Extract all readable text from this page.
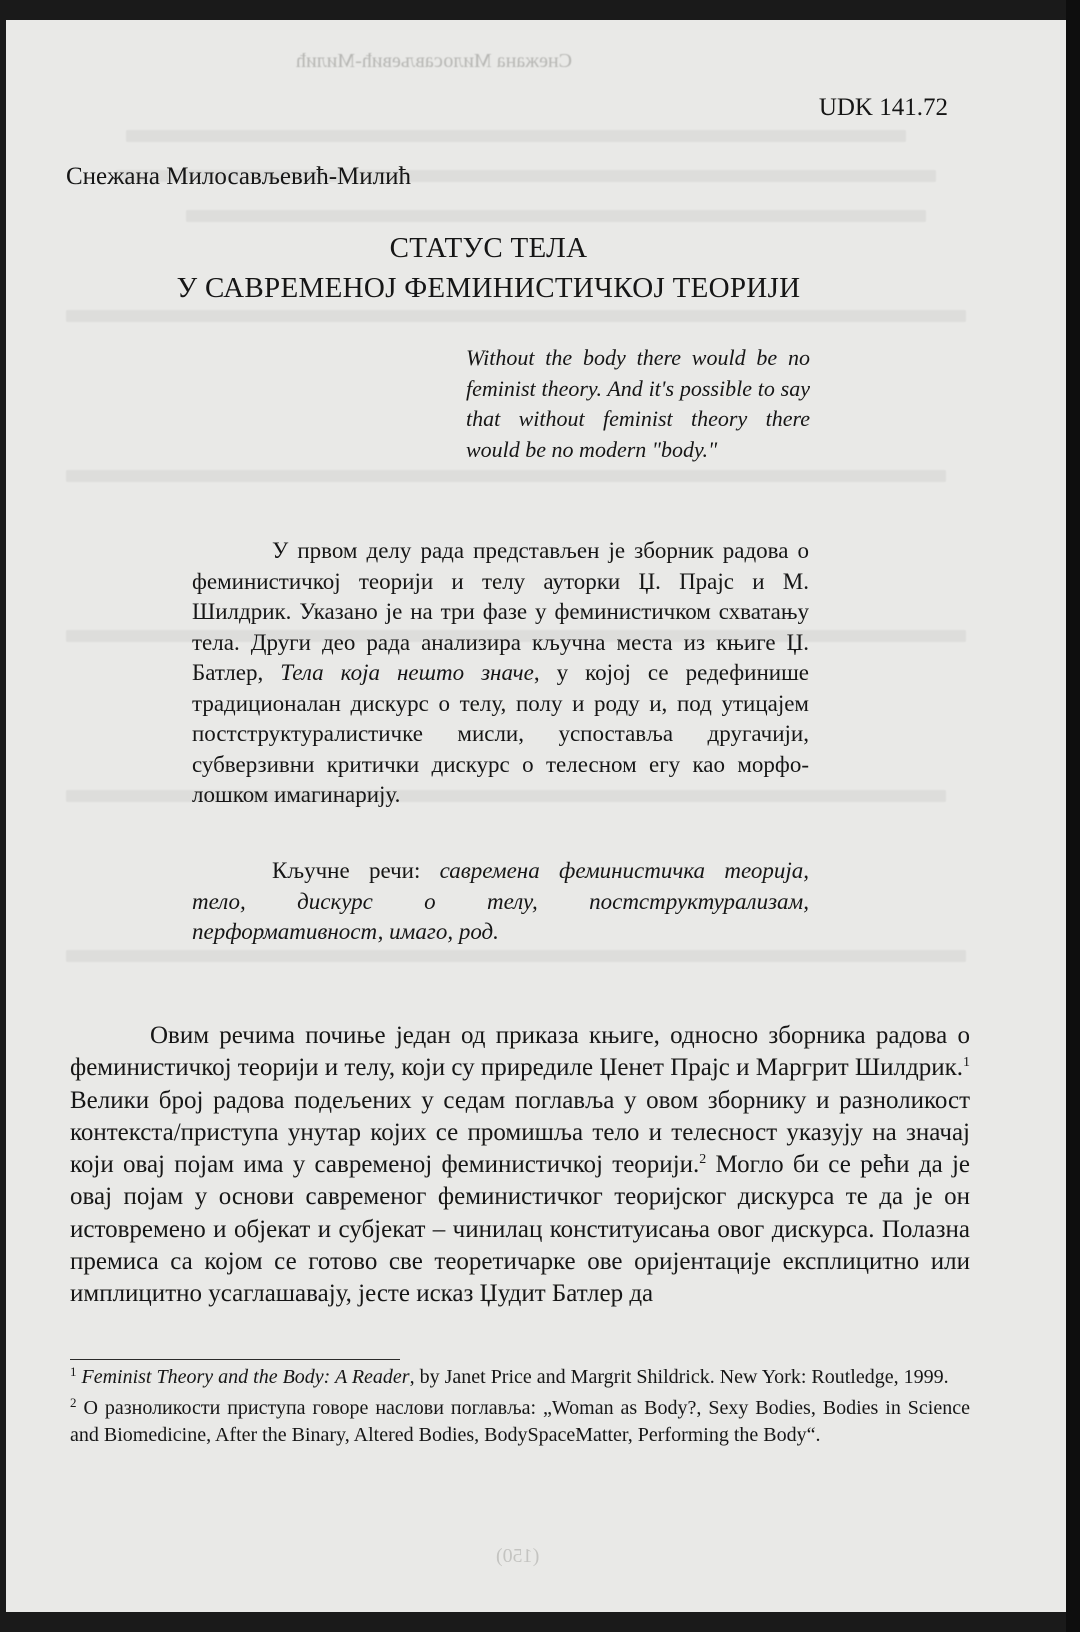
Снежана Милосављевић-Милић
(150)
UDK 141.72
Снежана Милосављевић-Милић
СТАТУС ТЕЛА
У САВРЕМЕНОЈ ФЕМИНИСТИЧКОЈ ТЕОРИЈИ
Without the body there would be no feminist theory. And it's possible to say that without feminist theory there would be no modern "body."
У првом делу рада представљен је зборник радова о феминистичкој теорији и телу ауторки Џ. Прајс и М. Шилдрик. Указано је на три фазе у феминистичком схватању тела. Други део рада анализира кључна места из књиге Џ. Батлер, Тела која нешто значе, у којој се редефинише традиционалан дискурс о телу, полу и роду и, под утицајем постструктуралистичке мисли, успоставља другачији, субверзивни критички дискурс о телесном егу као морфо-лошком имагинарију.
Кључне речи: савремена феминистичка теорија, тело, дискурс о телу, постструктурализам, перформативност, имаго, род.
Овим речима почиње један од приказа књиге, односно зборника радова о феминистичкој теорији и телу, који су приредиле Џенет Прајс и Маргрит Шилдрик.$^1$ Велики број радова подељених у седам поглавља у овом зборнику и разноликост контекста/приступа унутар којих се промишља тело и телесност указују на значај који овај појам има у савременој феминистичкој теорији.$^2$ Могло би се рећи да је овај појам у основи савременог феминистичког теоријског дискурса те да је он истовремено и објекат и субјекат – чинилац конституисања овог дискурса. Полазна премиса са којом се готово све теоретичарке ове оријентације експлицитно или имплицитно усаглашавају, јесте исказ Џудит Батлер да
$^1$ Feminist Theory and the Body: A Reader, by Janet Price and Margrit Shildrick. New York: Routledge, 1999.
$^2$ О разноликости приступа говоре наслови поглавља: „Woman as Body?, Sexy Bodies, Bodies in Science and Biomedicine, After the Binary, Altered Bodies, BodySpaceMatter, Performing the Body“.
